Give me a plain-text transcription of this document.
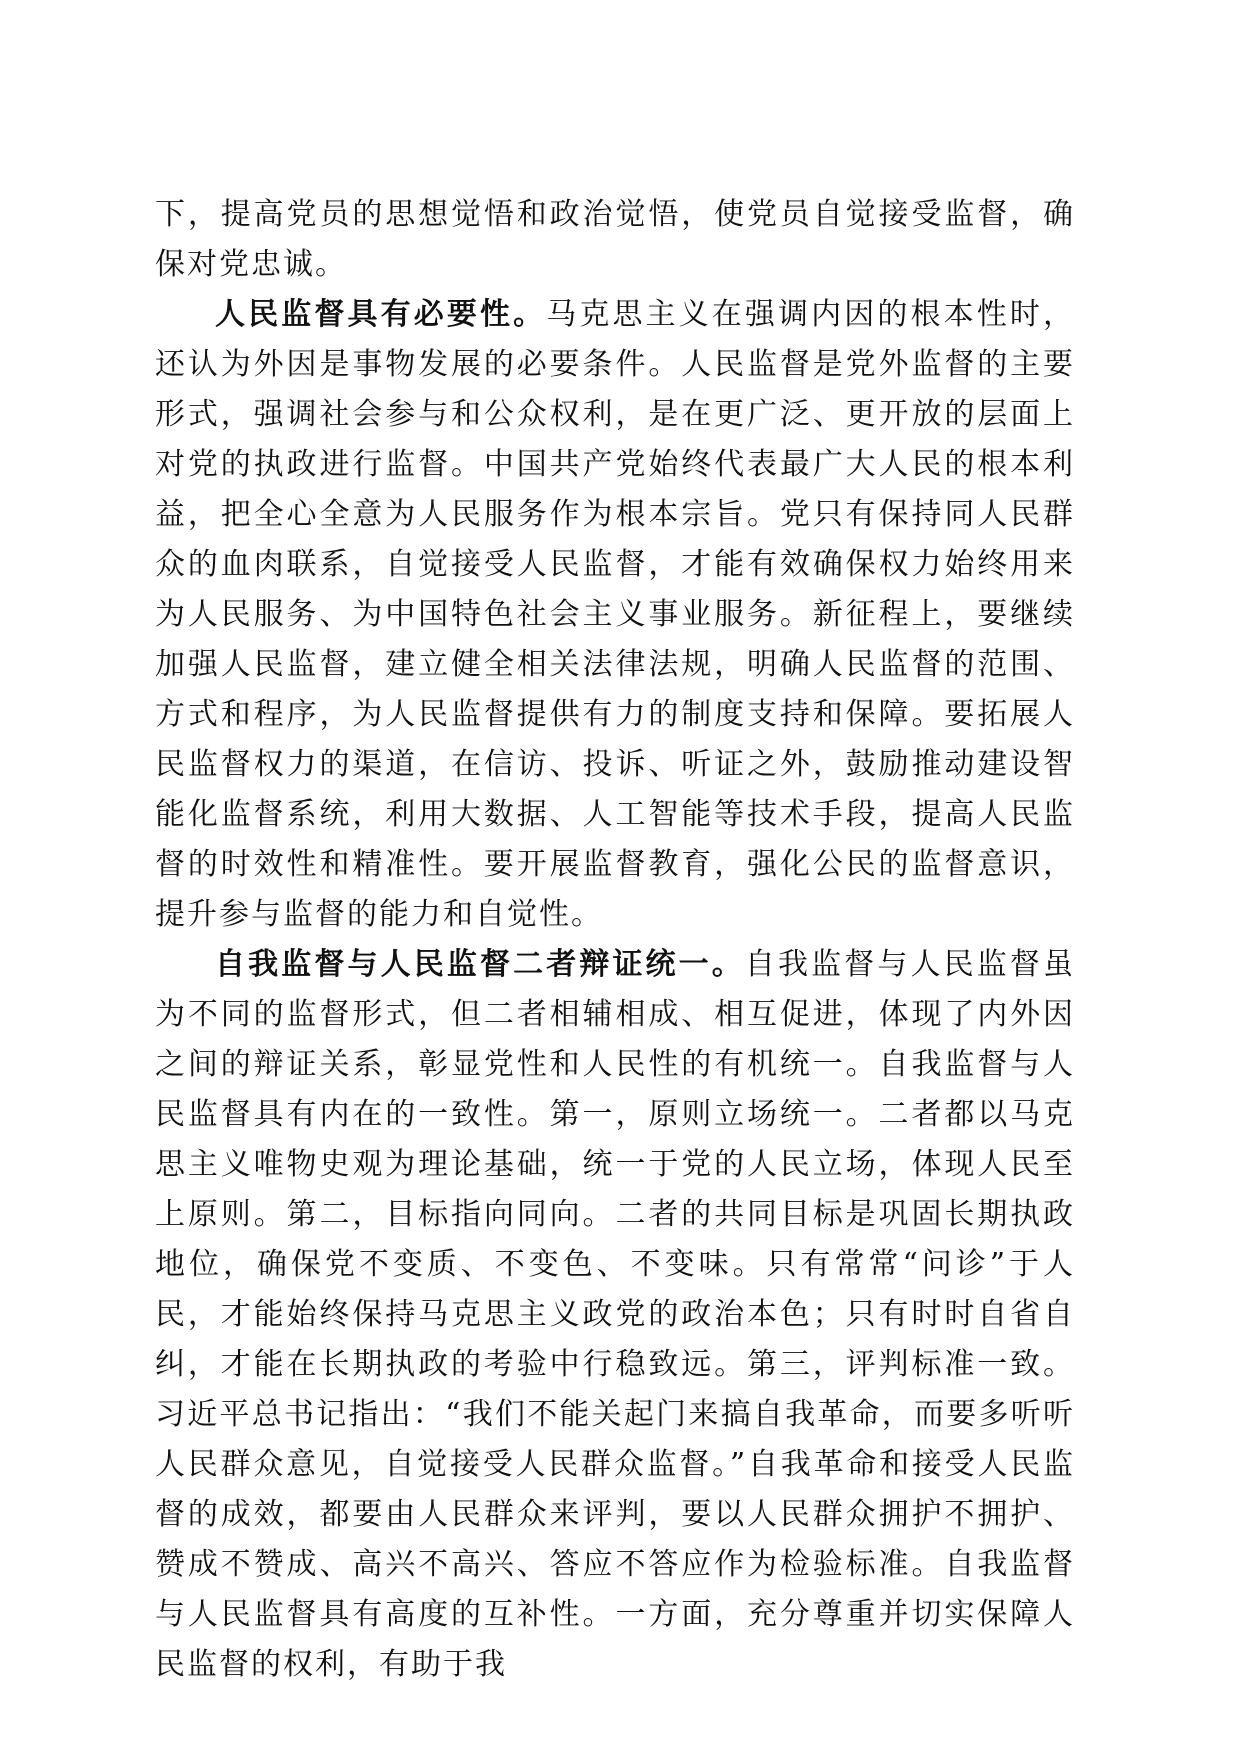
下，提高党员的思想觉悟和政治觉悟，使党员自觉接受监督，确保对党忠诚。

人民监督具有必要性。马克思主义在强调内因的根本性时，还认为外因是事物发展的必要条件。人民监督是党外监督的主要形式，强调社会参与和公众权利，是在更广泛、更开放的层面上对党的执政进行监督。中国共产党始终代表最广大人民的根本利益，把全心全意为人民服务作为根本宗旨。党只有保持同人民群众的血肉联系，自觉接受人民监督，才能有效确保权力始终用来为人民服务、为中国特色社会主义事业服务。新征程上，要继续加强人民监督，建立健全相关法律法规，明确人民监督的范围、方式和程序，为人民监督提供有力的制度支持和保障。要拓展人民监督权力的渠道，在信访、投诉、听证之外，鼓励推动建设智能化监督系统，利用大数据、人工智能等技术手段，提高人民监督的时效性和精准性。要开展监督教育，强化公民的监督意识，提升参与监督的能力和自觉性。

自我监督与人民监督二者辩证统一。自我监督与人民监督虽为不同的监督形式，但二者相辅相成、相互促进，体现了内外因之间的辩证关系，彰显党性和人民性的有机统一。自我监督与人民监督具有内在的一致性。第一，原则立场统一。二者都以马克思主义唯物史观为理论基础，统一于党的人民立场，体现人民至上原则。第二，目标指向同向。二者的共同目标是巩固长期执政地位，确保党不变质、不变色、不变味。只有常常“问诊”于人民，才能始终保持马克思主义政党的政治本色；只有时时自省自纠，才能在长期执政的考验中行稳致远。第三，评判标准一致。习近平总书记指出：“我们不能关起门来搞自我革命，而要多听听人民群众意见，自觉接受人民群众监督。”自我革命和接受人民监督的成效，都要由人民群众来评判，要以人民群众拥护不拥护、赞成不赞成、高兴不高兴、答应不答应作为检验标准。自我监督与人民监督具有高度的互补性。一方面，充分尊重并切实保障人民监督的权利，有助于我
